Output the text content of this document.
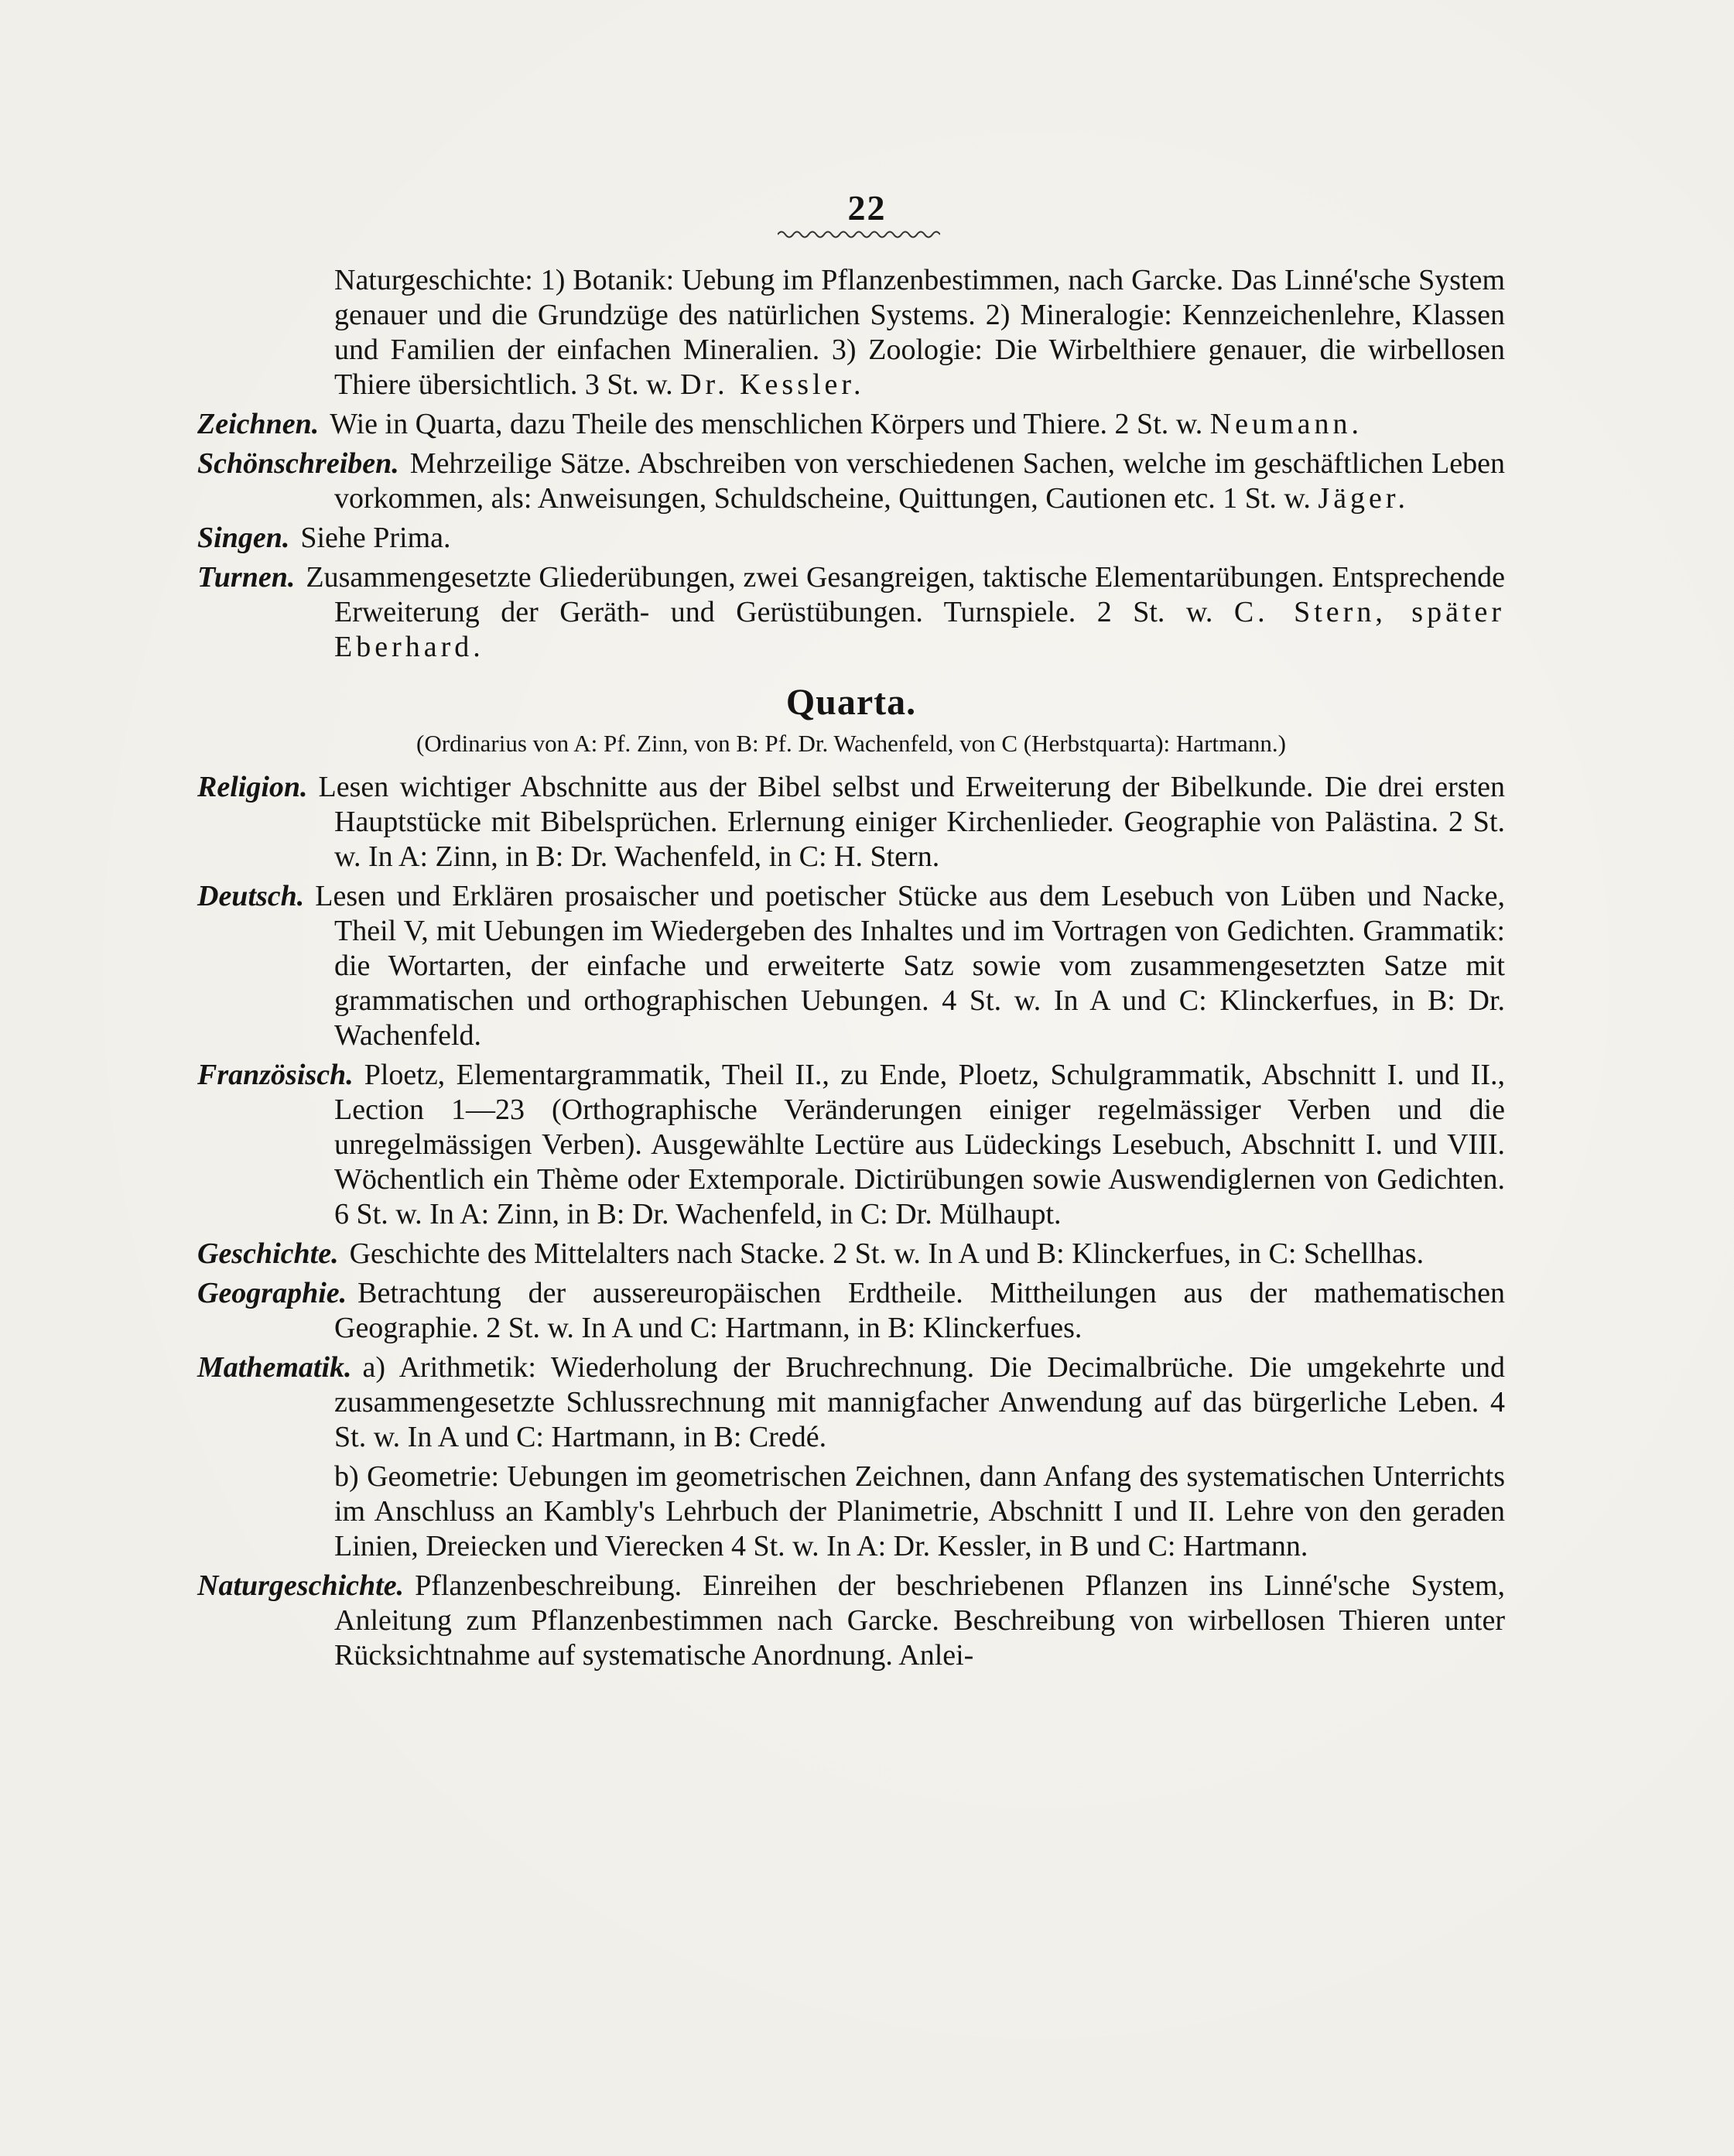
22

Naturgeschichte: 1) Botanik: Uebung im Pflanzenbestimmen, nach Garcke. Das Linné'sche System genauer und die Grundzüge des natürlichen Systems. 2) Mineralogie: Kennzeichenlehre, Klassen und Familien der einfachen Mineralien. 3) Zoologie: Die Wirbelthiere genauer, die wirbellosen Thiere übersichtlich. 3 St. w. Dr. Kessler.

Zeichnen. Wie in Quarta, dazu Theile des menschlichen Körpers und Thiere. 2 St. w. Neumann.

Schönschreiben. Mehrzeilige Sätze. Abschreiben von verschiedenen Sachen, welche im geschäftlichen Leben vorkommen, als: Anweisungen, Schuldscheine, Quittungen, Cautionen etc. 1 St. w. Jäger.

Singen. Siehe Prima.

Turnen. Zusammengesetzte Gliederübungen, zwei Gesangreigen, taktische Elementarübungen. Entsprechende Erweiterung der Geräth- und Gerüstübungen. Turnspiele. 2 St. w. C. Stern, später Eberhard.

Quarta.
(Ordinarius von A: Pf. Zinn, von B: Pf. Dr. Wachenfeld, von C (Herbstquarta): Hartmann.)

Religion. Lesen wichtiger Abschnitte aus der Bibel selbst und Erweiterung der Bibelkunde. Die drei ersten Hauptstücke mit Bibelsprüchen. Erlernung einiger Kirchenlieder. Geographie von Palästina. 2 St. w. In A: Zinn, in B: Dr. Wachenfeld, in C: H. Stern.

Deutsch. Lesen und Erklären prosaischer und poetischer Stücke aus dem Lesebuch von Lüben und Nacke, Theil V, mit Uebungen im Wiedergeben des Inhaltes und im Vortragen von Gedichten. Grammatik: die Wortarten, der einfache und erweiterte Satz sowie vom zusammengesetzten Satze mit grammatischen und orthographischen Uebungen. 4 St. w. In A und C: Klinckerfues, in B: Dr. Wachenfeld.

Französisch. Ploetz, Elementargrammatik, Theil II., zu Ende, Ploetz, Schulgrammatik, Abschnitt I. und II., Lection 1—23 (Orthographische Veränderungen einiger regelmässiger Verben und die unregelmässigen Verben). Ausgewählte Lectüre aus Lüdeckings Lesebuch, Abschnitt I. und VIII. Wöchentlich ein Thème oder Extemporale. Dictirübungen sowie Auswendiglernen von Gedichten. 6 St. w. In A: Zinn, in B: Dr. Wachenfeld, in C: Dr. Mülhaupt.

Geschichte. Geschichte des Mittelalters nach Stacke. 2 St. w. In A und B: Klinckerfues, in C: Schellhas.

Geographie. Betrachtung der aussereuropäischen Erdtheile. Mittheilungen aus der mathematischen Geographie. 2 St. w. In A und C: Hartmann, in B: Klinckerfues.

Mathematik. a) Arithmetik: Wiederholung der Bruchrechnung. Die Decimalbrüche. Die umgekehrte und zusammengesetzte Schlussrechnung mit mannigfacher Anwendung auf das bürgerliche Leben. 4 St. w. In A und C: Hartmann, in B: Credé.

b) Geometrie: Uebungen im geometrischen Zeichnen, dann Anfang des systematischen Unterrichts im Anschluss an Kambly's Lehrbuch der Planimetrie, Abschnitt I und II. Lehre von den geraden Linien, Dreiecken und Vierecken 4 St. w. In A: Dr. Kessler, in B und C: Hartmann.

Naturgeschichte. Pflanzenbeschreibung. Einreihen der beschriebenen Pflanzen ins Linné'sche System, Anleitung zum Pflanzenbestimmen nach Garcke. Beschreibung von wirbellosen Thieren unter Rücksichtnahme auf systematische Anordnung. Anlei-
